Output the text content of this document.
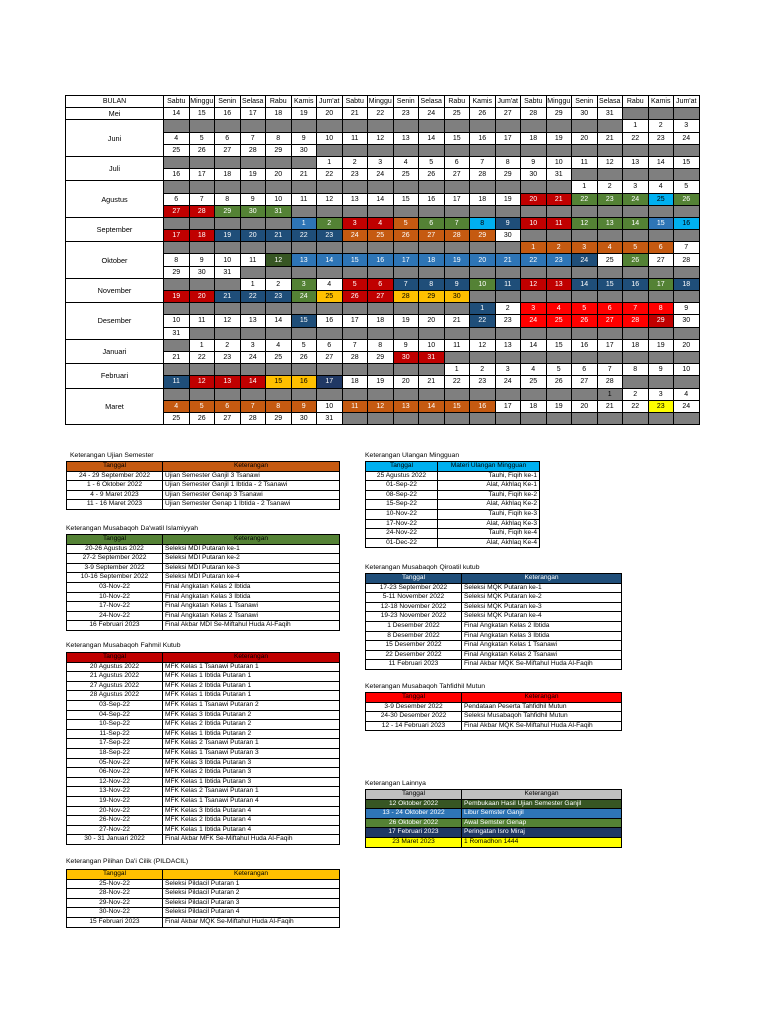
BULAN	Sabtu	Minggu	Senin	Selasa	Rabu	Kamis	Jum'at	Sabtu	Minggu	Senin	Selasa	Rabu	Kamis	Jum'at	Sabtu	Minggu	Senin	Selasa	Rabu	Kamis	Jum'at
Mei	14	15	16	17	18	19	20	21	22	23	24	25	26	27	28	29	30	31			
Juni																			1	2	3
	4	5	6	7	8	9	10	11	12	13	14	15	16	17	18	19	20	21	22	23	24
	25	26	27	28	29	30															
Juli							1	2	3	4	5	6	7	8	9	10	11	12	13	14	15
	16	17	18	19	20	21	22	23	24	25	26	27	28	29	30	31					
Agustus																	1	2	3	4	5
	6	7	8	9	10	11	12	13	14	15	16	17	18	19	20	21	22	23	24	25	26
	27	28	29	30	31																
September						1	2	3	4	5	6	7	8	9	10	11	12	13	14	15	16
	17	18	19	20	21	22	23	24	25	26	27	28	29	30							
Oktober															1	2	3	4	5	6	7
	8	9	10	11	12	13	14	15	16	17	18	19	20	21	22	23	24	25	26	27	28
	29	30	31																		
November				1	2	3	4	5	6	7	8	9	10	11	12	13	14	15	16	17	18
	19	20	21	22	23	24	25	26	27	28	29	30									
Desember													1	2	3	4	5	6	7	8	9
	10	11	12	13	14	15	16	17	18	19	20	21	22	23	24	25	26	27	28	29	30
	31																				
Januari		1	2	3	4	5	6	7	8	9	10	11	12	13	14	15	16	17	18	19	20
	21	22	23	24	25	26	27	28	29	30	31										
Februari												1	2	3	4	5	6	7	8	9	10
	11	12	13	14	15	16	17	18	19	20	21	22	23	24	25	26	27	28			
Maret																		1	2	3	4
	4	5	6	7	8	9	10	11	12	13	14	15	16	17	18	19	20	21	22	23	24
	25	26	27	28	29	30	31														
Keterangan Ujian Semester
Tanggal	Keterangan
24 - 29 September 2022	Ujian Semester Ganjil 3 Tsanawi
1 - 6 Oktober 2022	Ujian Semester Ganjil 1 Ibtida - 2 Tsanawi
4 - 9 Maret 2023	Ujian Semester Genap 3 Tsanawi
11 - 16 Maret 2023	Ujian Semester Genap 1 Ibtida - 2 Tsanawi
Keterangan Musabaqoh Da'watil Islamiyyah
Tanggal	Keterangan
20-26 Agustus 2022	Seleksi MDI Putaran ke-1
27-2 September 2022	Seleksi MDI Putaran ke-2
3-9 September 2022	Seleksi MDI Putaran ke-3
10-16 September 2022	Seleksi MDI Putaran ke-4
03-Nov-22	Final Angkatan Kelas 2 Ibtida
10-Nov-22	Final Angkatan Kelas 3 Ibtida
17-Nov-22	Final Angkatan Kelas 1 Tsanawi
24-Nov-22	Final Angkatan Kelas 2 Tsanawi
16 Februari 2023	Final Akbar MDI Se-Miftahul Huda Al-Faqih
Keterangan Musabaqoh Fahmil Kutub
Tanggal	Keterangan
20 Agustus 2022	MFK Kelas 1 Tsanawi Putaran 1
21 Agustus 2022	MFK Kelas 1 Ibtida Putaran 1
27 Agustus 2022	MFK Kelas 2 Ibtida Putaran 1
28 Agustus 2022	MFK Kelas 1 Ibtida Putaran 1
03-Sep-22	MFK Kelas 1 Tsanawi Putaran 2
04-Sep-22	MFK Kelas 3 Ibtida Putaran 2
10-Sep-22	MFK Kelas 2 Ibtida Putaran 2
11-Sep-22	MFK Kelas 1 Ibtida Putaran 2
17-Sep-22	MFK Kelas 2 Tsanawi Putaran 1
18-Sep-22	MFK Kelas 1 Tsanawi Putaran 3
05-Nov-22	MFK Kelas 3 Ibtida Putaran 3
06-Nov-22	MFK Kelas 2 Ibtida Putaran 3
12-Nov-22	MFK Kelas 1 Ibtida Putaran 3
13-Nov-22	MFK Kelas 2 Tsanawi Putaran 1
19-Nov-22	MFK Kelas 1 Tsanawi Putaran 4
20-Nov-22	MFK Kelas 3 Ibtida Putaran 4
26-Nov-22	MFK Kelas 2 Ibtida Putaran 4
27-Nov-22	MFK Kelas 1 Ibtida Putaran 4
30 - 31 Januari 2022	Final Akbar MFK Se-Miftahul Huda Al-Faqih
Keterangan Pilihan Da'i Cilik (PILDACIL)
Tanggal	Keterangan
25-Nov-22	Seleksi Pildacil Putaran 1
28-Nov-22	Seleksi Pildacil Putaran 2
29-Nov-22	Seleksi Pildacil Putaran 3
30-Nov-22	Seleksi Pildacil Putaran 4
15 Februari 2023	Final Akbar MQK Se-Miftahul Huda Al-Faqih
Keterangan Ulangan Mingguan
Tanggal	Materi Ulangan Mingguan
25 Agustus 2022	Tauhi, Fiqih ke-1
01-Sep-22	Alat, Akhlaq Ke-1
08-Sep-22	Tauhi, Fiqih ke-2
15-Sep-22	Alat, Akhlaq Ke-2
10-Nov-22	Tauhi, Fiqih ke-3
17-Nov-22	Alat, Akhlaq Ke-3
24-Nov-22	Tauhi, Fiqih ke-4
01-Dec-22	Alat, Akhlaq Ke-4
Keterangan Musabaqoh Qiroatil kutub
Tanggal	Keterangan
17-23 September 2022	Seleksi MQK Putaran ke-1
5-11 November 2022	Seleksi MQK Putaran ke-2
12-18 November 2022	Seleksi MQK Putaran ke-3
19-23 November 2022	Seleksi MQK Putaran ke-4
1 Desember 2022	Final Angkatan Kelas 2 Ibtida
8 Desember 2022	Final Angkatan Kelas 3 Ibtida
15 Desember 2022	Final Angkatan Kelas 1 Tsanawi
22 Desember 2022	Final Angkatan Kelas 2 Tsanawi
11 Februari 2023	Final Akbar MQK Se-Miftahul Huda Al-Faqih
Keterangan Musabaqoh Tahfidhil Mutun
Tanggal	Keterangan
3-9 Desember 2022	Pendataan Peserta Tahfidhil Mutun
24-30 Desember 2022	Seleksi Musabaqoh Tahfidhil Mutun
12 - 14 Februari 2023	Final Akbar MQK Se-Miftahul Huda Al-Faqih
Keterangan Lainnya
Tanggal	Keterangan
12 Oktober 2022	Pembukaan Hasil Ujian Semester Ganjil
13 - 24 Oktober 2022	Libur Semster Ganjil
26 Oktober 2022	Awal Semster Genap
17 Februari 2023	Peringatan Isro Miraj
23 Maret 2023	1 Romadhon 1444
